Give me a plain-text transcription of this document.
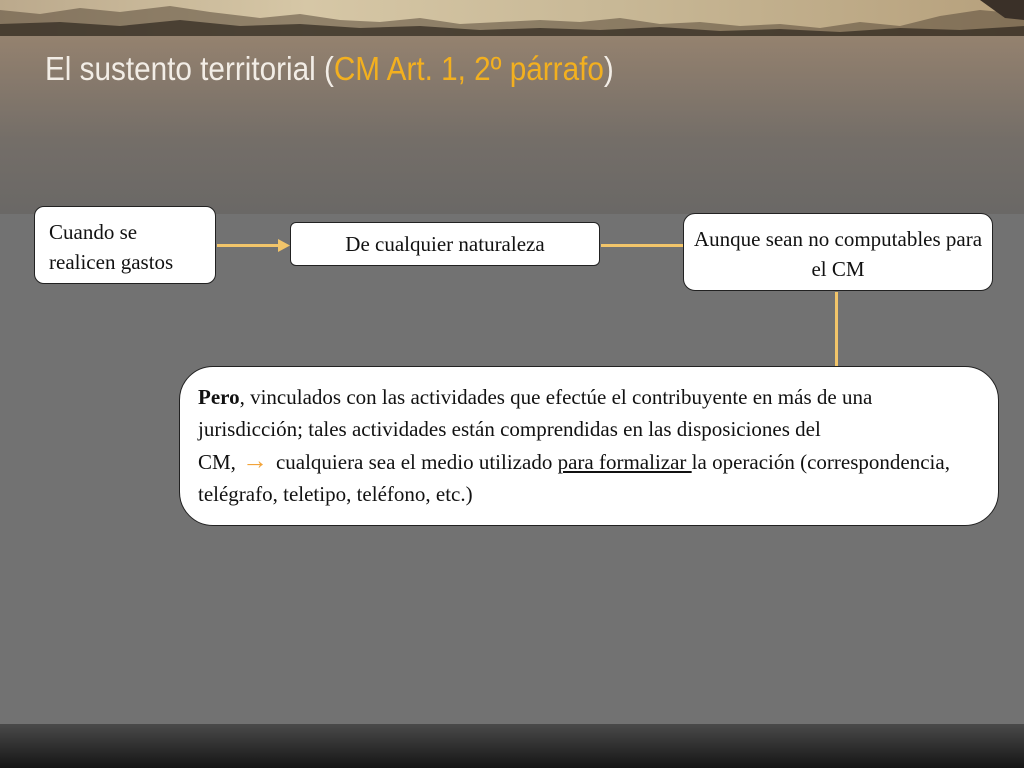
El sustento territorial (CM Art. 1, 2º párrafo)
Cuando se realicen gastos
De cualquier naturaleza	Aunque sean no computables para el CM
Pero, vinculados con las actividades que efectúe el contribuyente en más de una jurisdicción; tales actividades están comprendidas en las disposiciones del CM, → cualquiera sea el medio utilizado para formalizar la operación (correspondencia, telégrafo, teletipo, teléfono, etc.)
